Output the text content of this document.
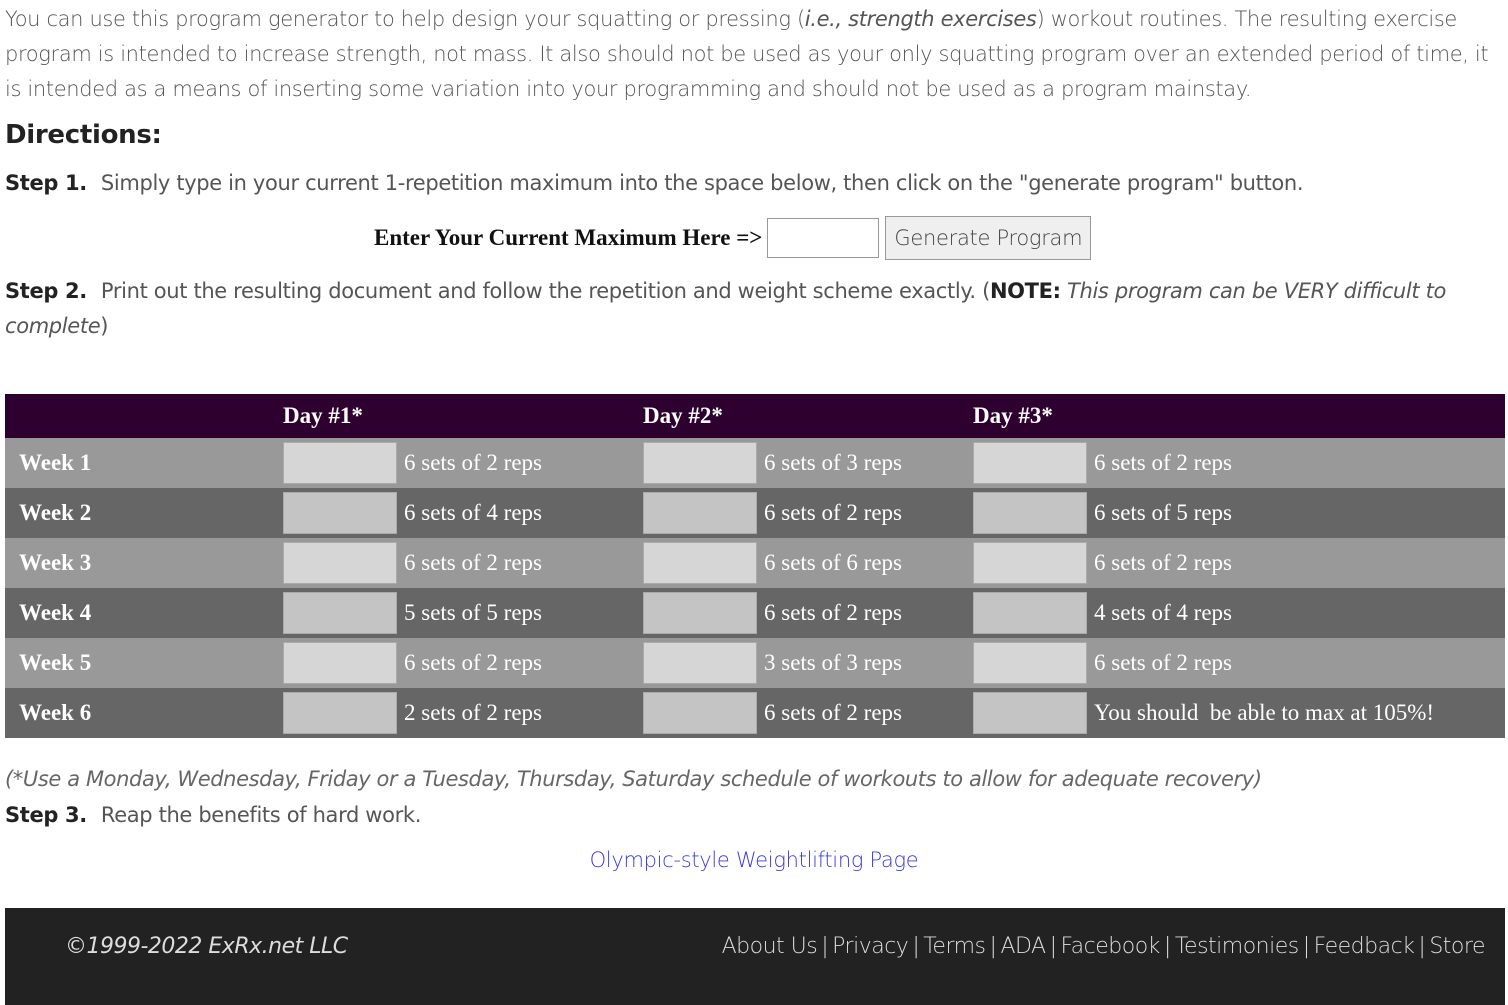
You can use this program generator to help design your squatting or pressing (i.e., strength exercises) workout routines. The resulting exercise program is intended to increase strength, not mass. It also should not be used as your only squatting program over an extended period of time, it is intended as a means of inserting some variation into your programming and should not be used as a program mainstay.

Directions:

Step 1. Simply type in your current 1-repetition maximum into the space below, then click on the "generate program" button.

Step 2. Print out the resulting document and follow the repetition and weight scheme exactly. (NOTE: This program can be VERY difficult to complete)

Step 3. Reap the benefits of hard work.

Enter Your Current Maximum Here =>	Generate Program
	Day #1*	Day #2*	Day #3*
Week 1	6 sets of 2 reps	6 sets of 3 reps	6 sets of 2 reps

Week 2	6 sets of 4 reps	6 sets of 2 reps	6 sets of 5 reps

Week 3	6 sets of 2 reps	6 sets of 6 reps	6 sets of 2 reps

Week 4	5 sets of 5 reps	6 sets of 2 reps	4 sets of 4 reps

Week 5	6 sets of 2 reps	3 sets of 3 reps	6 sets of 2 reps

Week 6	2 sets of 2 reps	6 sets of 2 reps	You should  be able to max at 105%!

(*Use a Monday, Wednesday, Friday or a Tuesday, Thursday, Saturday schedule of workouts to allow for adequate recovery)

Olympic-style Weightlifting Page
©1999-2022 ExRx.net LLC	About Us | Privacy | Terms | ADA | Facebook | Testimonies | Feedback | Store
